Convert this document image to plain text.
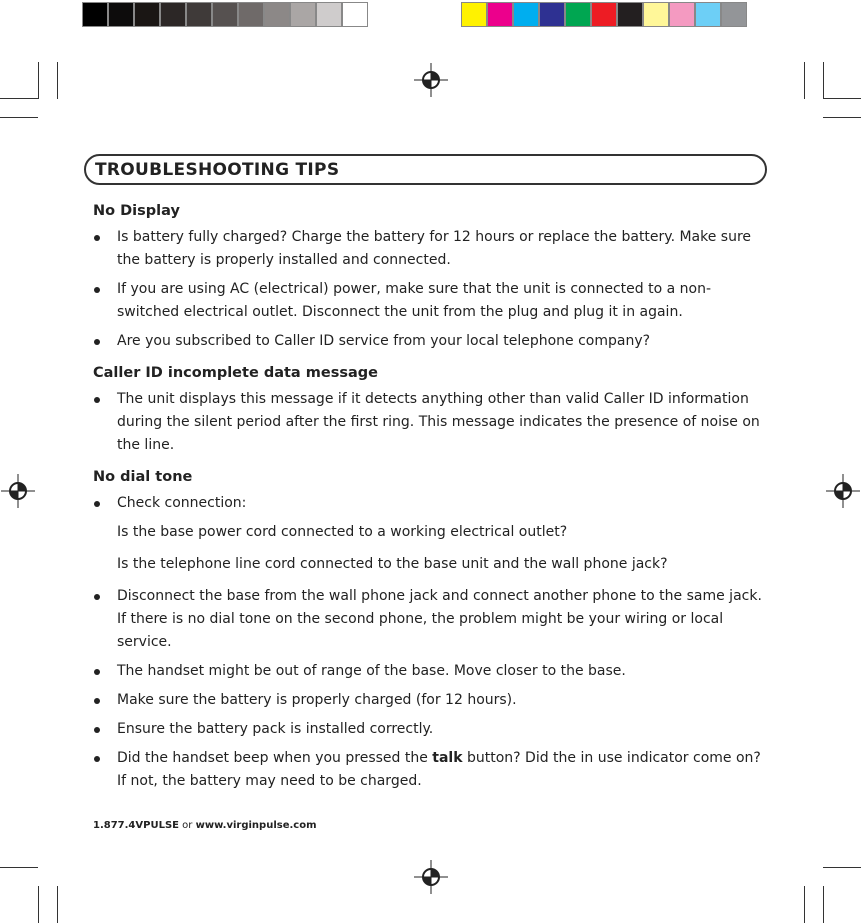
TROUBLESHOOTING TIPS

No Display

Is battery fully charged? Charge the battery for 12 hours or replace the battery. Make sure the battery is properly installed and connected.
If you are using AC (electrical) power, make sure that the unit is connected to a non-switched electrical outlet. Disconnect the unit from the plug and plug it in again.
Are you subscribed to Caller ID service from your local telephone company?

Caller ID incomplete data message

The unit displays this message if it detects anything other than valid Caller ID information during the silent period after the first ring. This message indicates the presence of noise on the line.

No dial tone

Check connection:
Is the base power cord connected to a working electrical outlet?
Is the telephone line cord connected to the base unit and the wall phone jack?
Disconnect the base from the wall phone jack and connect another phone to the same jack. If there is no dial tone on the second phone, the problem might be your wiring or local service.
The handset might be out of range of the base. Move closer to the base.
Make sure the battery is properly charged (for 12 hours).
Ensure the battery pack is installed correctly.
Did the handset beep when you pressed the talk button? Did the in use indicator come on? If not, the battery may need to be charged.
1.877.4VPULSE or www.virginpulse.com
